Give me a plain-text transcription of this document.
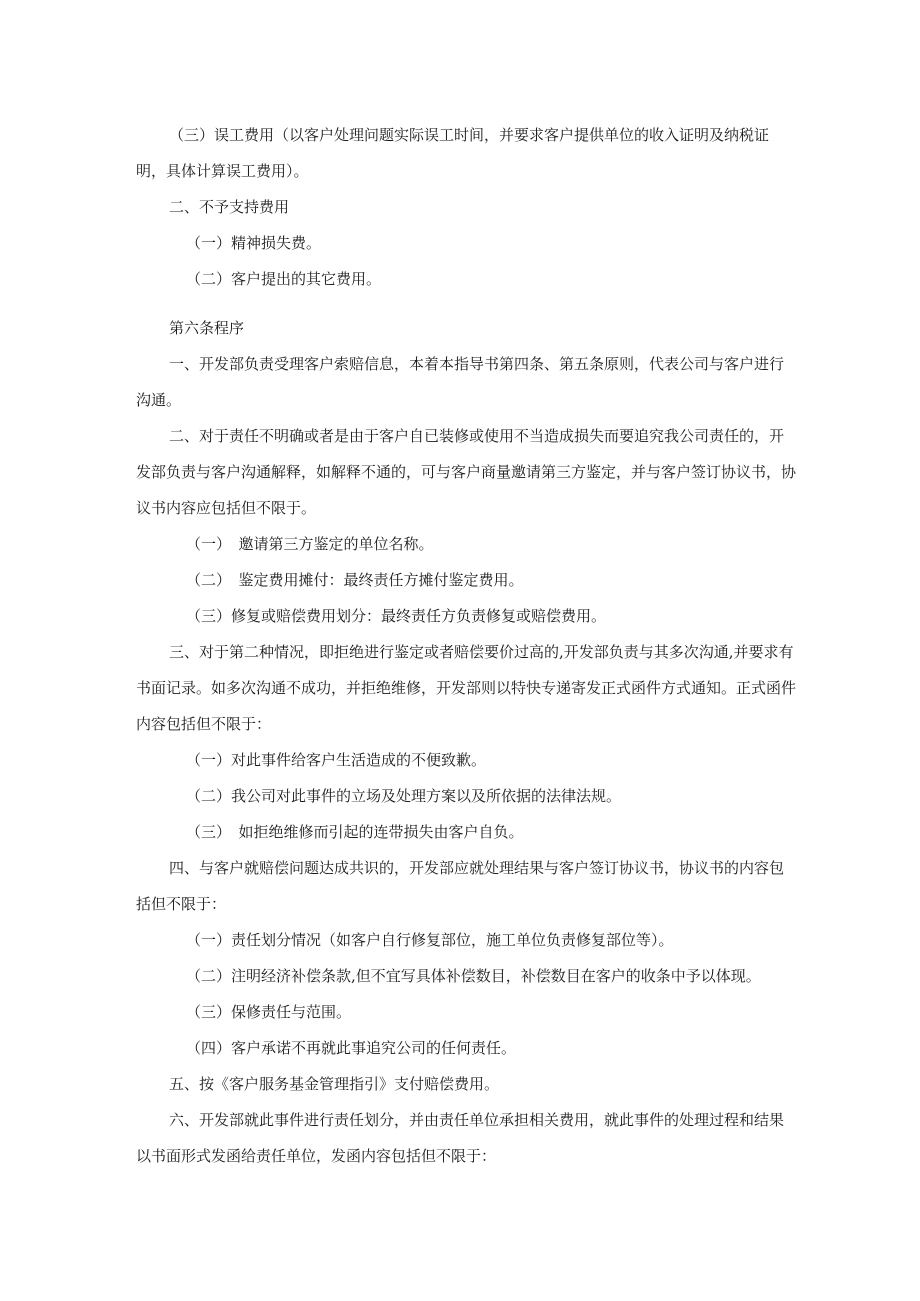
（三）误工费用（以客户处理问题实际误工时间，并要求客户提供单位的收入证明及纳税证明，具体计算误工费用）。

二、不予支持费用

（一）精神损失费。

（二）客户提出的其它费用。

第六条程序

一、开发部负责受理客户索赔信息，本着本指导书第四条、第五条原则，代表公司与客户进行沟通。

二、对于责任不明确或者是由于客户自已装修或使用不当造成损失而要追究我公司责任的，开发部负责与客户沟通解释，如解释不通的，可与客户商量邀请第三方鉴定，并与客户签订协议书，协议书内容应包括但不限于。

（一）　邀请第三方鉴定的单位名称。

（二）　鉴定费用摊付：最终责任方摊付鉴定费用。

（三）修复或赔偿费用划分：最终责任方负责修复或赔偿费用。

三、对于第二种情况，即拒绝进行鉴定或者赔偿要价过高的,开发部负责与其多次沟通,并要求有书面记录。如多次沟通不成功，并拒绝维修，开发部则以特快专递寄发正式函件方式通知。正式函件内容包括但不限于：

（一）对此事件给客户生活造成的不便致歉。

（二）我公司对此事件的立场及处理方案以及所依据的法律法规。

（三）　如拒绝维修而引起的连带损失由客户自负。

四、与客户就赔偿问题达成共识的，开发部应就处理结果与客户签订协议书，协议书的内容包括但不限于：

（一）责任划分情况（如客户自行修复部位，施工单位负责修复部位等）。

（二）注明经济补偿条款,但不宜写具体补偿数目，补偿数目在客户的收条中予以体现。

（三）保修责任与范围。

（四）客户承诺不再就此事追究公司的任何责任。

五、按《客户服务基金管理指引》支付赔偿费用。

六、开发部就此事件进行责任划分，并由责任单位承担相关费用，就此事件的处理过程和结果以书面形式发函给责任单位，发函内容包括但不限于：
